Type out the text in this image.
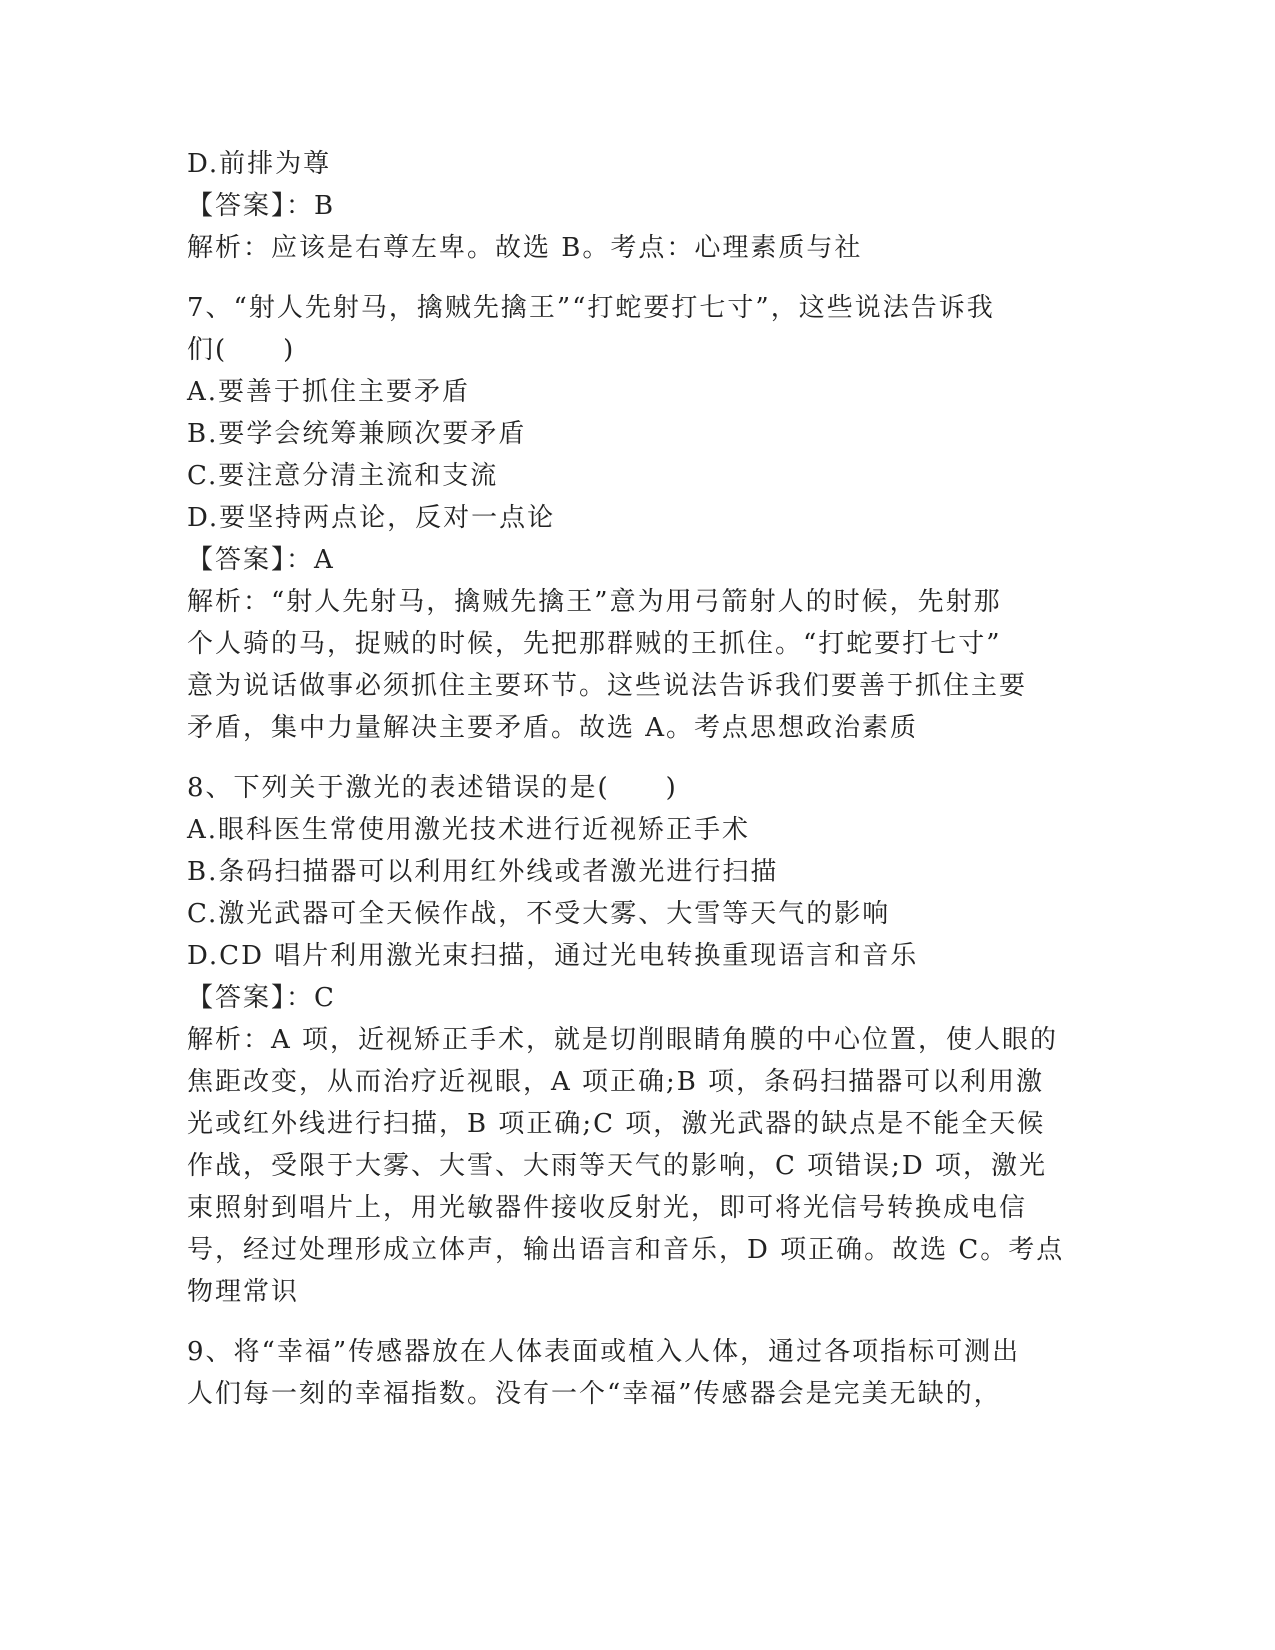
D.前排为尊
【答案】：B
解析：应该是右尊左卑。故选 B。考点：心理素质与社
7、“射人先射马，擒贼先擒王”“打蛇要打七寸”，这些说法告诉我
们(　　)
A.要善于抓住主要矛盾
B.要学会统筹兼顾次要矛盾
C.要注意分清主流和支流
D.要坚持两点论，反对一点论
【答案】：A
解析：“射人先射马，擒贼先擒王”意为用弓箭射人的时候，先射那
个人骑的马，捉贼的时候，先把那群贼的王抓住。“打蛇要打七寸”
意为说话做事必须抓住主要环节。这些说法告诉我们要善于抓住主要
矛盾，集中力量解决主要矛盾。故选 A。考点思想政治素质
8、下列关于激光的表述错误的是(　　)
A.眼科医生常使用激光技术进行近视矫正手术
B.条码扫描器可以利用红外线或者激光进行扫描
C.激光武器可全天候作战，不受大雾、大雪等天气的影响
D.CD 唱片利用激光束扫描，通过光电转换重现语言和音乐
【答案】：C
解析：A 项，近视矫正手术，就是切削眼睛角膜的中心位置，使人眼的
焦距改变，从而治疗近视眼，A 项正确;B 项，条码扫描器可以利用激
光或红外线进行扫描，B 项正确;C 项，激光武器的缺点是不能全天候
作战，受限于大雾、大雪、大雨等天气的影响，C 项错误;D 项，激光
束照射到唱片上，用光敏器件接收反射光，即可将光信号转换成电信
号，经过处理形成立体声，输出语言和音乐，D 项正确。故选 C。考点
物理常识
9、将“幸福”传感器放在人体表面或植入人体，通过各项指标可测出
人们每一刻的幸福指数。没有一个“幸福”传感器会是完美无缺的，
